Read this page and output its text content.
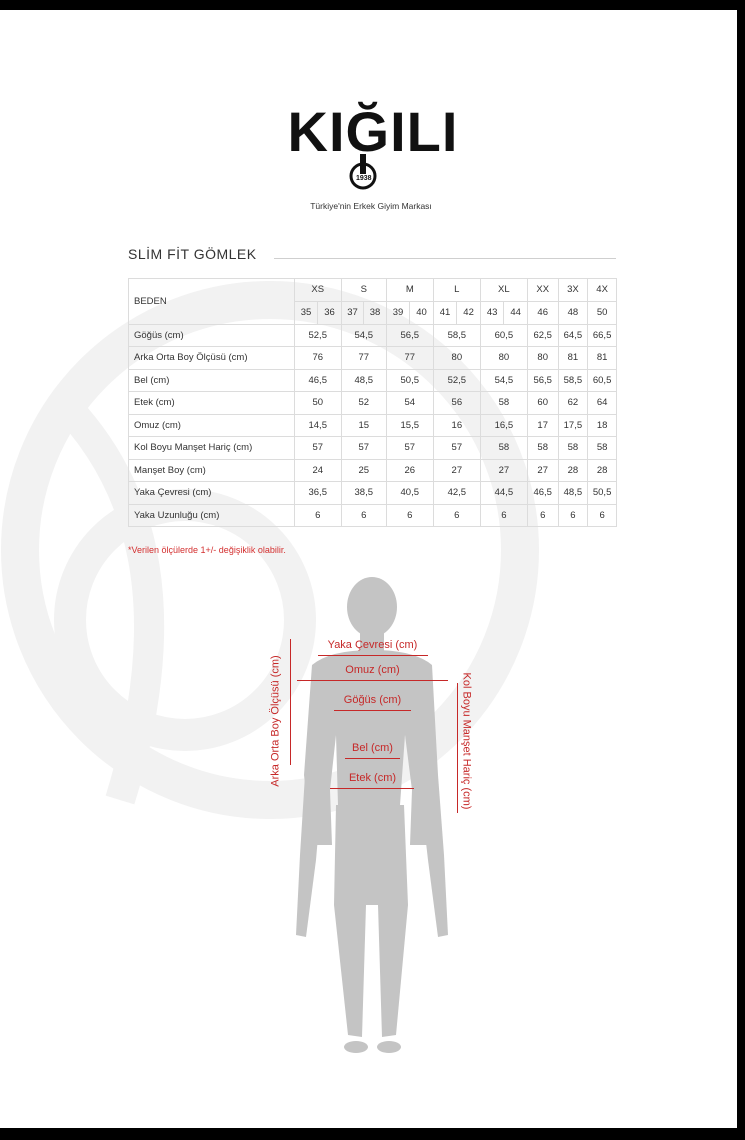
KIĞILI
1938
Türkiye'nin Erkek Giyim Markası
SLİM FİT GÖMLEK
BEDEN	XS		S		M		L		XL		XX	3X	4X
	35	36	37	38	39	40	41	42	43	44	46	48	50
Göğüs (cm)	52,5		54,5		56,5		58,5		60,5		62,5	64,5	66,5
Arka Orta Boy Ölçüsü (cm)	76		77		77		80		80		80	81	81
Bel (cm)	46,5		48,5		50,5		52,5		54,5		56,5	58,5	60,5
Etek (cm)	50		52		54		56		58		60	62	64
Omuz (cm)	14,5		15		15,5		16		16,5		17	17,5	18
Kol Boyu Manşet Hariç (cm)	57		57		57		57		58		58	58	58
Manşet Boy (cm)	24		25		26		27		27		27	28	28
Yaka Çevresi (cm)	36,5		38,5		40,5		42,5		44,5		46,5	48,5	50,5
Yaka Uzunluğu (cm)	6		6		6		6		6		6	6	6
*Verilen ölçülerde 1+/- değişiklik olabilir.
Yaka Çevresi (cm)
Omuz (cm)
Göğüs (cm)
Bel (cm)
Etek (cm)
Arka Orta Boy Ölçüsü (cm)	Kol Boyu Manşet Hariç (cm)
